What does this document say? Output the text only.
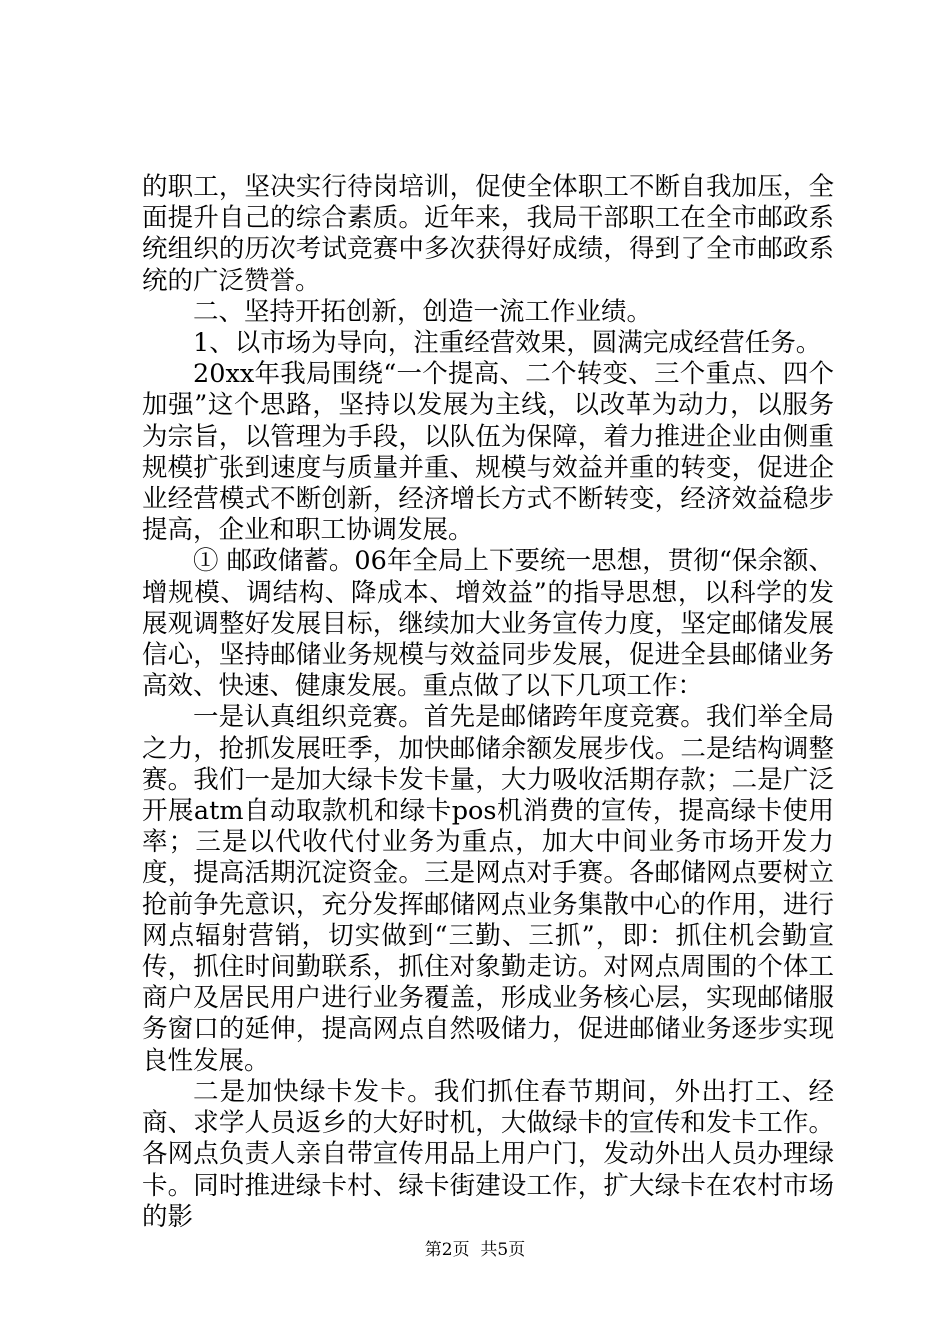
的职工，坚决实行待岗培训，促使全体职工不断自我加压，全面提升自己的综合素质。近年来，我局干部职工在全市邮政系统组织的历次考试竞赛中多次获得好成绩，得到了全市邮政系统的广泛赞誉。

二、坚持开拓创新，创造一流工作业绩。

1、以市场为导向，注重经营效果，圆满完成经营任务。

20xx年我局围绕“一个提高、二个转变、三个重点、四个加强”这个思路，坚持以发展为主线，以改革为动力，以服务为宗旨，以管理为手段，以队伍为保障，着力推进企业由侧重规模扩张到速度与质量并重、规模与效益并重的转变，促进企业经营模式不断创新，经济增长方式不断转变，经济效益稳步提高，企业和职工协调发展。

① 邮政储蓄。06年全局上下要统一思想，贯彻“保余额、增规模、调结构、降成本、增效益”的指导思想，以科学的发展观调整好发展目标，继续加大业务宣传力度，坚定邮储发展信心，坚持邮储业务规模与效益同步发展，促进全县邮储业务高效、快速、健康发展。重点做了以下几项工作：

一是认真组织竞赛。首先是邮储跨年度竞赛。我们举全局之力，抢抓发展旺季，加快邮储余额发展步伐。二是结构调整赛。我们一是加大绿卡发卡量，大力吸收活期存款；二是广泛开展atm自动取款机和绿卡pos机消费的宣传，提高绿卡使用率；三是以代收代付业务为重点，加大中间业务市场开发力度，提高活期沉淀资金。三是网点对手赛。各邮储网点要树立抢前争先意识，充分发挥邮储网点业务集散中心的作用，进行网点辐射营销，切实做到“三勤、三抓”，即：抓住机会勤宣传，抓住时间勤联系，抓住对象勤走访。对网点周围的个体工商户及居民用户进行业务覆盖，形成业务核心层，实现邮储服务窗口的延伸，提高网点自然吸储力，促进邮储业务逐步实现良性发展。

二是加快绿卡发卡。我们抓住春节期间，外出打工、经商、求学人员返乡的大好时机，大做绿卡的宣传和发卡工作。各网点负责人亲自带宣传用品上用户门，发动外出人员办理绿卡。同时推进绿卡村、绿卡街建设工作，扩大绿卡在农村市场的影

第2页 共5页
